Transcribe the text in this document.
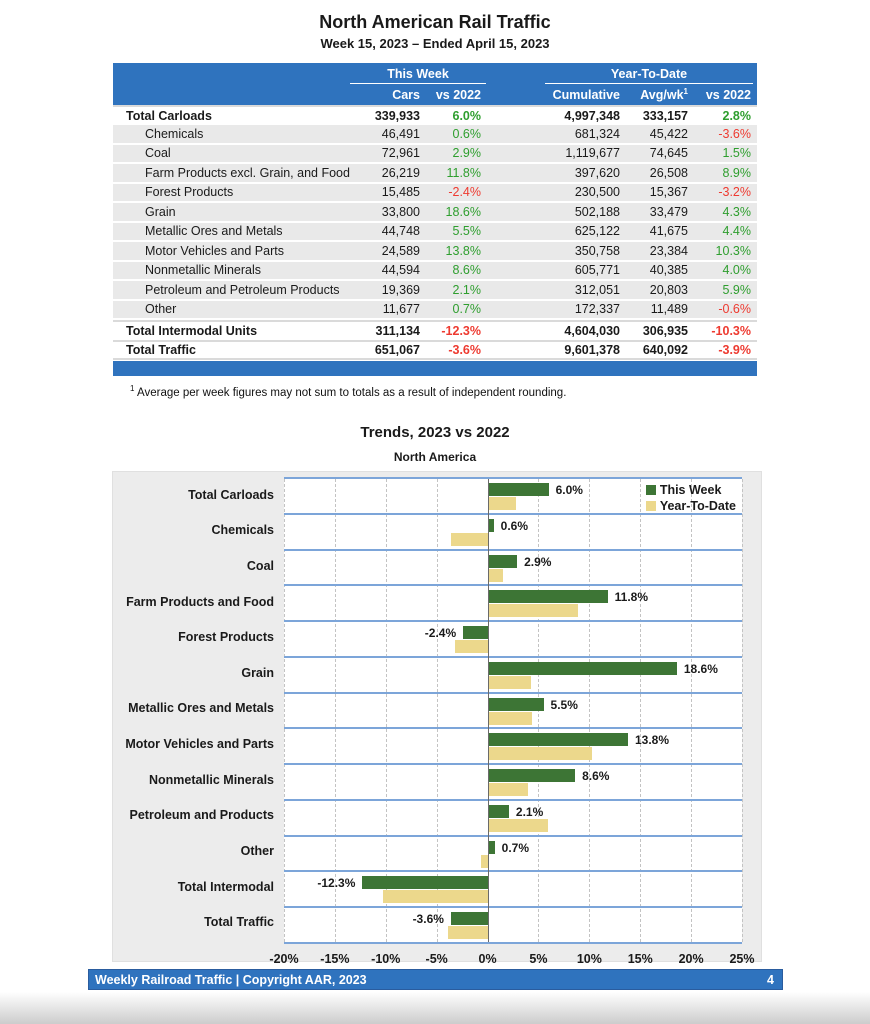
North American Rail Traffic
Week 15, 2023 – Ended April 15, 2023
This Week	Year-To-Date
Cars	vs 2022	Cumulative	Avg/$wk^1$	vs 2022
Total Carloads	339,933	6.0%	4,997,348	333,157	2.8%
Chemicals	46,491	0.6%	681,324	45,422	-3.6%
Coal	72,961	2.9%	1,119,677	74,645	1.5%
Farm Products excl. Grain, and Food	26,219	11.8%	397,620	26,508	8.9%
Forest Products	15,485	-2.4%	230,500	15,367	-3.2%
Grain	33,800	18.6%	502,188	33,479	4.3%
Metallic Ores and Metals	44,748	5.5%	625,122	41,675	4.4%
Motor Vehicles and Parts	24,589	13.8%	350,758	23,384	10.3%
Nonmetallic Minerals	44,594	8.6%	605,771	40,385	4.0%
Petroleum and Petroleum Products	19,369	2.1%	312,051	20,803	5.9%
Other	11,677	0.7%	172,337	11,489	-0.6%
Total Intermodal Units	311,134	-12.3%	4,604,030	306,935	-10.3%
Total Traffic	651,067	-3.6%	9,601,378	640,092	-3.9%
$^1$ Average per week figures may not sum to totals as a result of independent rounding.
Trends, 2023 vs 2022
North America
Total Carloads
Chemicals
Coal
Farm Products and Food
Forest Products
Grain
Metallic Ores and Metals
Motor Vehicles and Parts
Nonmetallic Minerals
Petroleum and Products
Other
Total Intermodal
Total Traffic
6.0%
0.6%
2.9%
11.8%
-2.4%
18.6%
5.5%
13.8%
8.6%
2.1%
0.7%
-12.3%
-3.6%
This Week
Year-To-Date
-20% -15% -10% -5% 0%	5% 10% 15% 20% 25%
Weekly Railroad Traffic | Copyright AAR, 2023	4
